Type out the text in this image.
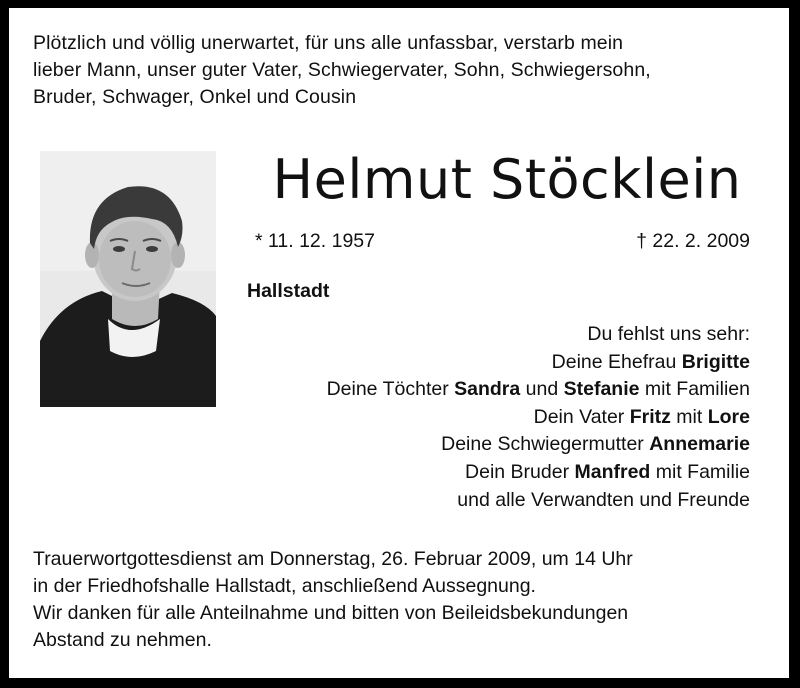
Plötzlich und völlig unerwartet, für uns alle unfassbar, verstarb mein
lieber Mann, unser guter Vater, Schwiegervater, Sohn, Schwiegersohn,
Bruder, Schwager, Onkel und Cousin
Helmut Stöcklein
* 11. 12. 1957	† 22. 2. 2009
Hallstadt
Du fehlst uns sehr:
Deine Ehefrau Brigitte
Deine Töchter Sandra und Stefanie mit Familien
Dein Vater Fritz mit Lore
Deine Schwiegermutter Annemarie
Dein Bruder Manfred mit Familie
und alle Verwandten und Freunde
Trauerwortgottesdienst am Donnerstag, 26. Februar 2009, um 14 Uhr
in der Friedhofshalle Hallstadt, anschließend Aussegnung.
Wir danken für alle Anteilnahme und bitten von Beileidsbekundungen
Abstand zu nehmen.
